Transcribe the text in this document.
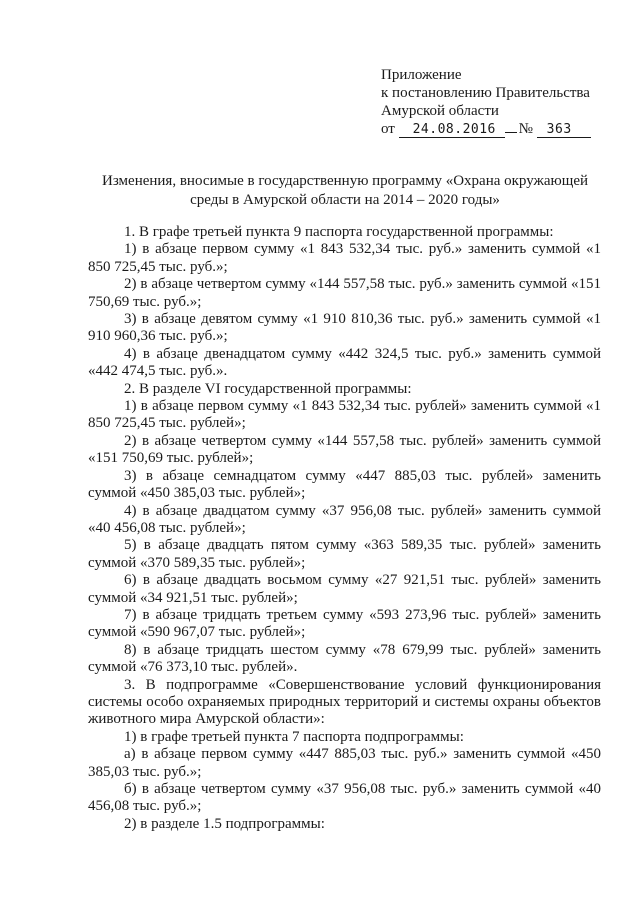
Приложение
к постановлению Правительства
Амурской области
от 24.08.2016 № 363
Изменения, вносимые в государственную программу «Охрана окружающей
среды в Амурской области на 2014 – 2020 годы»

1. В графе третьей пункта 9 паспорта государственной программы:

1) в абзаце первом сумму «1 843 532,34 тыс. руб.» заменить суммой «1 850 725,45 тыс. руб.»;

2) в абзаце четвертом сумму «144 557,58 тыс. руб.» заменить суммой «151 750,69 тыс. руб.»;

3) в абзаце девятом сумму «1 910 810,36 тыс. руб.» заменить суммой «1 910 960,36 тыс. руб.»;

4) в абзаце двенадцатом сумму «442 324,5 тыс. руб.» заменить суммой «442 474,5 тыс. руб.».

2. В разделе VI государственной программы:

1) в абзаце первом сумму «1 843 532,34 тыс. рублей» заменить суммой «1 850 725,45 тыс. рублей»;

2) в абзаце четвертом сумму «144 557,58 тыс. рублей» заменить суммой «151 750,69 тыс. рублей»;

3) в абзаце семнадцатом сумму «447 885,03 тыс. рублей» заменить суммой «450 385,03 тыс. рублей»;

4) в абзаце двадцатом сумму «37 956,08 тыс. рублей» заменить суммой «40 456,08 тыс. рублей»;

5) в абзаце двадцать пятом сумму «363 589,35 тыс. рублей» заменить суммой «370 589,35 тыс. рублей»;

6) в абзаце двадцать восьмом сумму «27 921,51 тыс. рублей» заменить суммой «34 921,51 тыс. рублей»;

7) в абзаце тридцать третьем сумму «593 273,96 тыс. рублей» заменить суммой «590 967,07 тыс. рублей»;

8) в абзаце тридцать шестом сумму «78 679,99 тыс. рублей» заменить суммой «76 373,10 тыс. рублей».

3. В подпрограмме «Совершенствование условий функционирования системы особо охраняемых природных территорий и системы охраны объектов животного мира Амурской области»:

1) в графе третьей пункта 7 паспорта подпрограммы:

а) в абзаце первом сумму «447 885,03 тыс. руб.» заменить суммой «450 385,03 тыс. руб.»;

б) в абзаце четвертом сумму «37 956,08 тыс. руб.» заменить суммой «40 456,08 тыс. руб.»;

2) в разделе 1.5 подпрограммы:
